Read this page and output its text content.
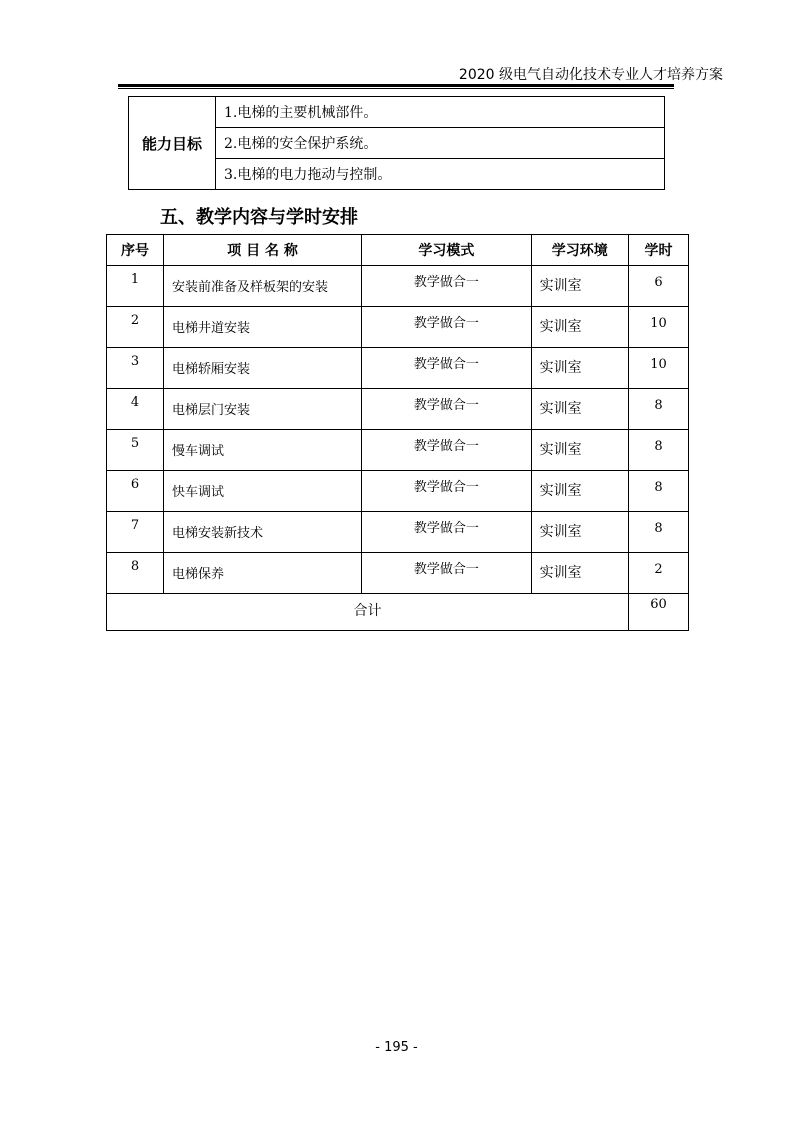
2020 级电气自动化技术专业人才培养方案
能力目标	1.电梯的主要机械部件。
2.电梯的安全保护系统。
3.电梯的电力拖动与控制。
五、教学内容与学时安排
序号	项 目 名 称	学习模式	学习环境	学时
1	安装前准备及样板架的安装	教学做合一	实训室	6
2	电梯井道安装	教学做合一	实训室	10
3	电梯轿厢安装	教学做合一	实训室	10
4	电梯层门安装	教学做合一	实训室	8
5	慢车调试	教学做合一	实训室	8
6	快车调试	教学做合一	实训室	8
7	电梯安装新技术	教学做合一	实训室	8
8	电梯保养	教学做合一	实训室	2
合计				60
- 195 -
